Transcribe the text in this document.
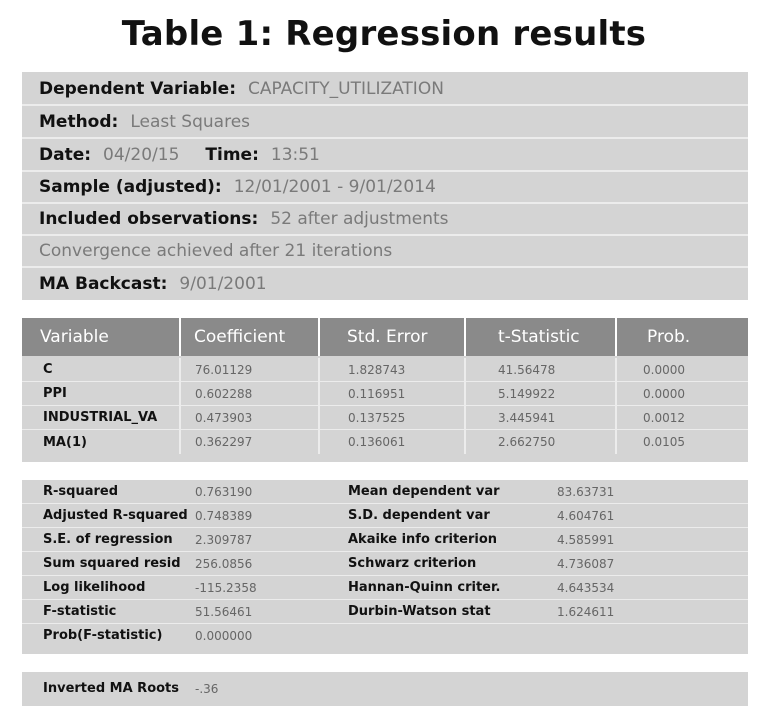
Table 1: Regression results
Dependent Variable: CAPACITY_UTILIZATION
Method: Least Squares
Date: 04/20/15 Time: 13:51
Sample (adjusted): 12/01/2001 - 9/01/2014
Included observations: 52 after adjustments
Convergence achieved after 21 iterations
MA Backcast: 9/01/2001
Variable	Coefficient	Std. Error	t-Statistic	Prob.
C	76.01129	1.828743	41.56478	0.0000
PPI	0.602288	0.116951	5.149922	0.0000
INDUSTRIAL_VA	0.473903	0.137525	3.445941	0.0012
MA(1)	0.362297	0.136061	2.662750	0.0105
R-squared	0.763190	Mean dependent var	83.63731
Adjusted R-squared 0.748389	S.D. dependent var	4.604761
S.E. of regression 2.309787	Akaike info criterion	4.585991
Sum squared resid 256.0856	Schwarz criterion	4.736087
Log likelihood	-115.2358	Hannan-Quinn criter.	4.643534
F-statistic	51.56461	Durbin-Watson stat	1.624611
Prob(F-statistic)	0.000000
Inverted MA Roots -.36
